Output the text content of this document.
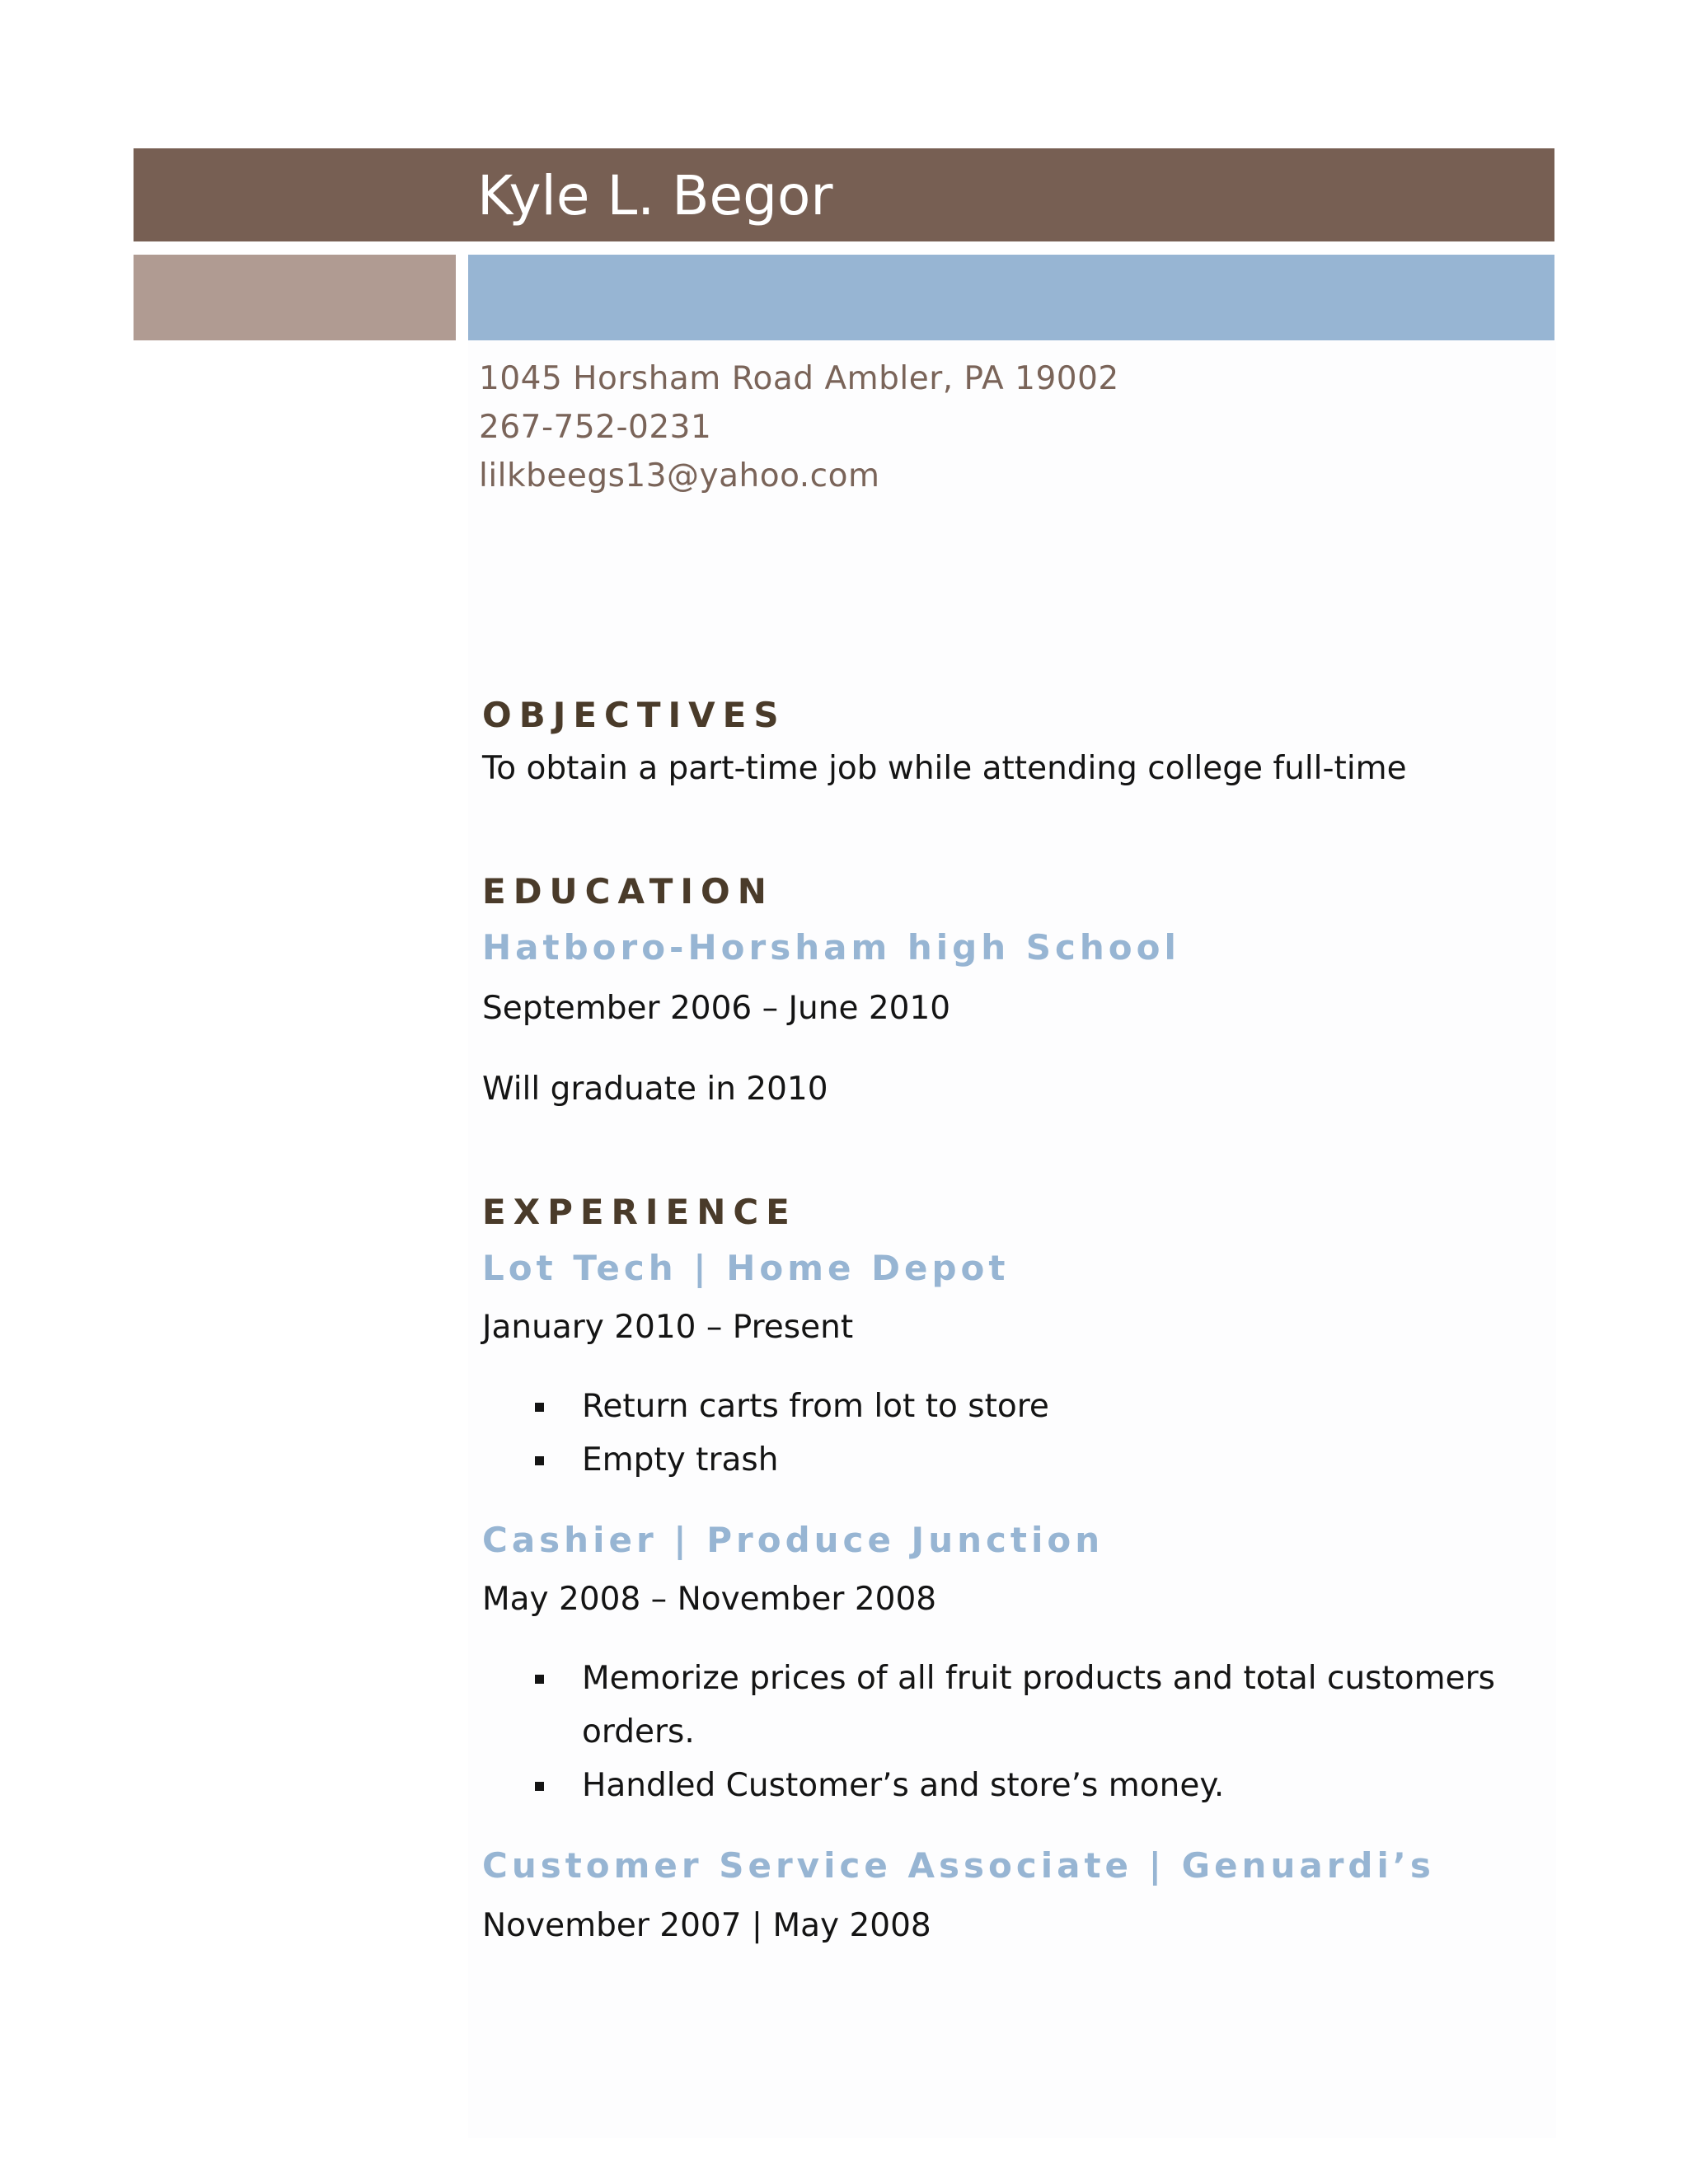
Kyle L. Begor
1045 Horsham Road Ambler, PA 19002
267-752-0231
lilkbeegs13@yahoo.com
OBJECTIVES
To obtain a part-time job while attending college full-time
EDUCATION
Hatboro-Horsham high School
September 2006 – June 2010
Will graduate in 2010
EXPERIENCE
Lot Tech | Home Depot
January 2010 – Present
Return carts from lot to store
Empty trash
Cashier | Produce Junction
May 2008 – November 2008
Memorize prices of all fruit products and total customers
orders.
Handled Customer’s and store’s money.
Customer Service Associate | Genuardi’s
November 2007 | May 2008
